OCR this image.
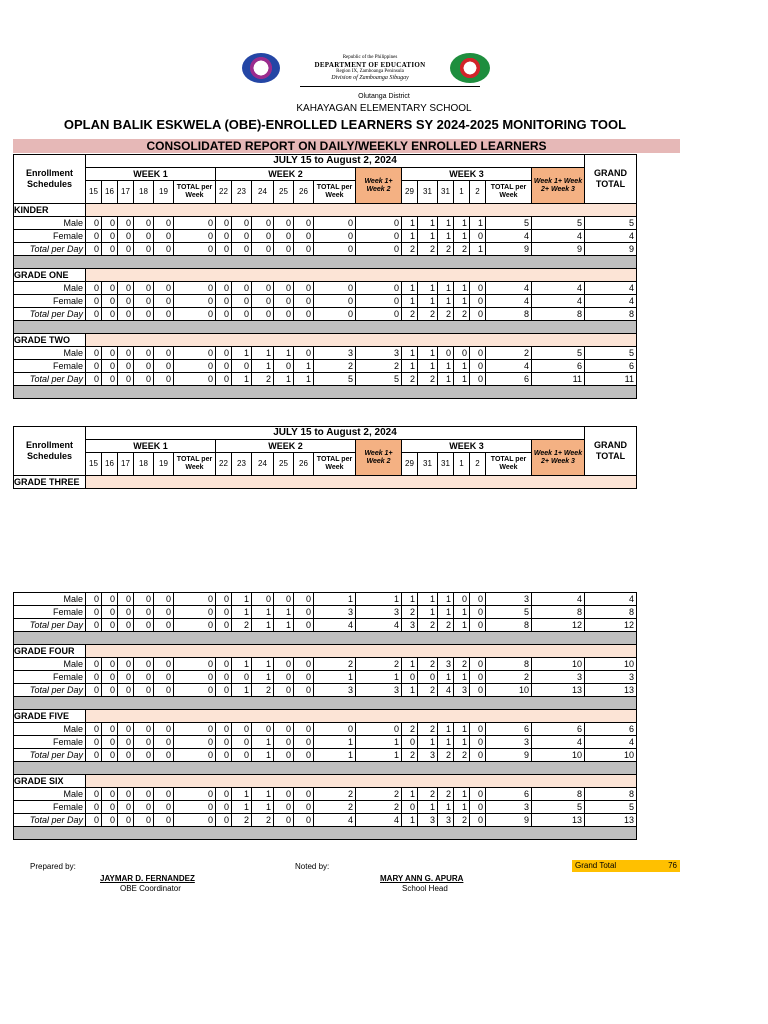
Republic of the Philippines
DEPARTMENT OF EDUCATION
Region IX, Zamboanga Peninsula
Division of Zamboanga Sibugay
Olutanga District
KAHAYAGAN ELEMENTARY SCHOOL
OPLAN BALIK ESKWELA (OBE)-ENROLLED LEARNERS SY 2024-2025 MONITORING TOOL
CONSOLIDATED REPORT ON DAILY/WEEKLY ENROLLED LEARNERS
Enrollment Schedules	JULY 15 to August 2, 2024																				GRAND TOTAL
	WEEK 1						WEEK 2						Week 1+ Week 2	WEEK 3						Week 1+ Week 2+ Week 3	
	15	16	17	18	19	TOTAL per Week	22	23	24	25	26	TOTAL per Week		29	31	31	1	2	TOTAL per Week		
KINDER																					
Male	0	0	0	0	0	0	0	0	0	0	0	0	0	1	1	1	1	1	5	5	5
Female	0	0	0	0	0	0	0	0	0	0	0	0	0	1	1	1	1	0	4	4	4
Total per Day	0	0	0	0	0	0	0	0	0	0	0	0	0	2	2	2	2	1	9	9	9

GRADE ONE																					
Male	0	0	0	0	0	0	0	0	0	0	0	0	0	1	1	1	1	0	4	4	4
Female	0	0	0	0	0	0	0	0	0	0	0	0	0	1	1	1	1	0	4	4	4
Total per Day	0	0	0	0	0	0	0	0	0	0	0	0	0	2	2	2	2	0	8	8	8

GRADE TWO																					
Male	0	0	0	0	0	0	0	1	1	1	0	3	3	1	1	0	0	0	2	5	5
Female	0	0	0	0	0	0	0	0	1	0	1	2	2	1	1	1	1	0	4	6	6
Total per Day	0	0	0	0	0	0	0	1	2	1	1	5	5	2	2	1	1	0	6	11	11

Enrollment Schedules	JULY 15 to August 2, 2024																				GRAND TOTAL
	WEEK 1						WEEK 2						Week 1+ Week 2	WEEK 3						Week 1+ Week 2+ Week 3	
	15	16	17	18	19	TOTAL per Week	22	23	24	25	26	TOTAL per Week		29	31	31	1	2	TOTAL per Week		
GRADE THREE																					
Male	0	0	0	0	0	0	0	1	0	0	0	1	1	1	1	1	0	0	3	4	4
Female	0	0	0	0	0	0	0	1	1	1	0	3	3	2	1	1	1	0	5	8	8
Total per Day	0	0	0	0	0	0	0	2	1	1	0	4	4	3	2	2	1	0	8	12	12

GRADE FOUR																					
Male	0	0	0	0	0	0	0	1	1	0	0	2	2	1	2	3	2	0	8	10	10
Female	0	0	0	0	0	0	0	0	1	0	0	1	1	0	0	1	1	0	2	3	3
Total per Day	0	0	0	0	0	0	0	1	2	0	0	3	3	1	2	4	3	0	10	13	13

GRADE FIVE																					
Male	0	0	0	0	0	0	0	0	0	0	0	0	0	2	2	1	1	0	6	6	6
Female	0	0	0	0	0	0	0	0	1	0	0	1	1	0	1	1	1	0	3	4	4
Total per Day	0	0	0	0	0	0	0	0	1	0	0	1	1	2	3	2	2	0	9	10	10

GRADE SIX																					
Male	0	0	0	0	0	0	0	1	1	0	0	2	2	1	2	2	1	0	6	8	8
Female	0	0	0	0	0	0	0	1	1	0	0	2	2	0	1	1	1	0	3	5	5
Total per Day	0	0	0	0	0	0	0	2	2	0	0	4	4	1	3	3	2	0	9	13	13

Prepared by:
JAYMAR D. FERNANDEZ
OBE Coordinator
Noted by:
MARY ANN G. APURA
School Head
Grand Total	76
